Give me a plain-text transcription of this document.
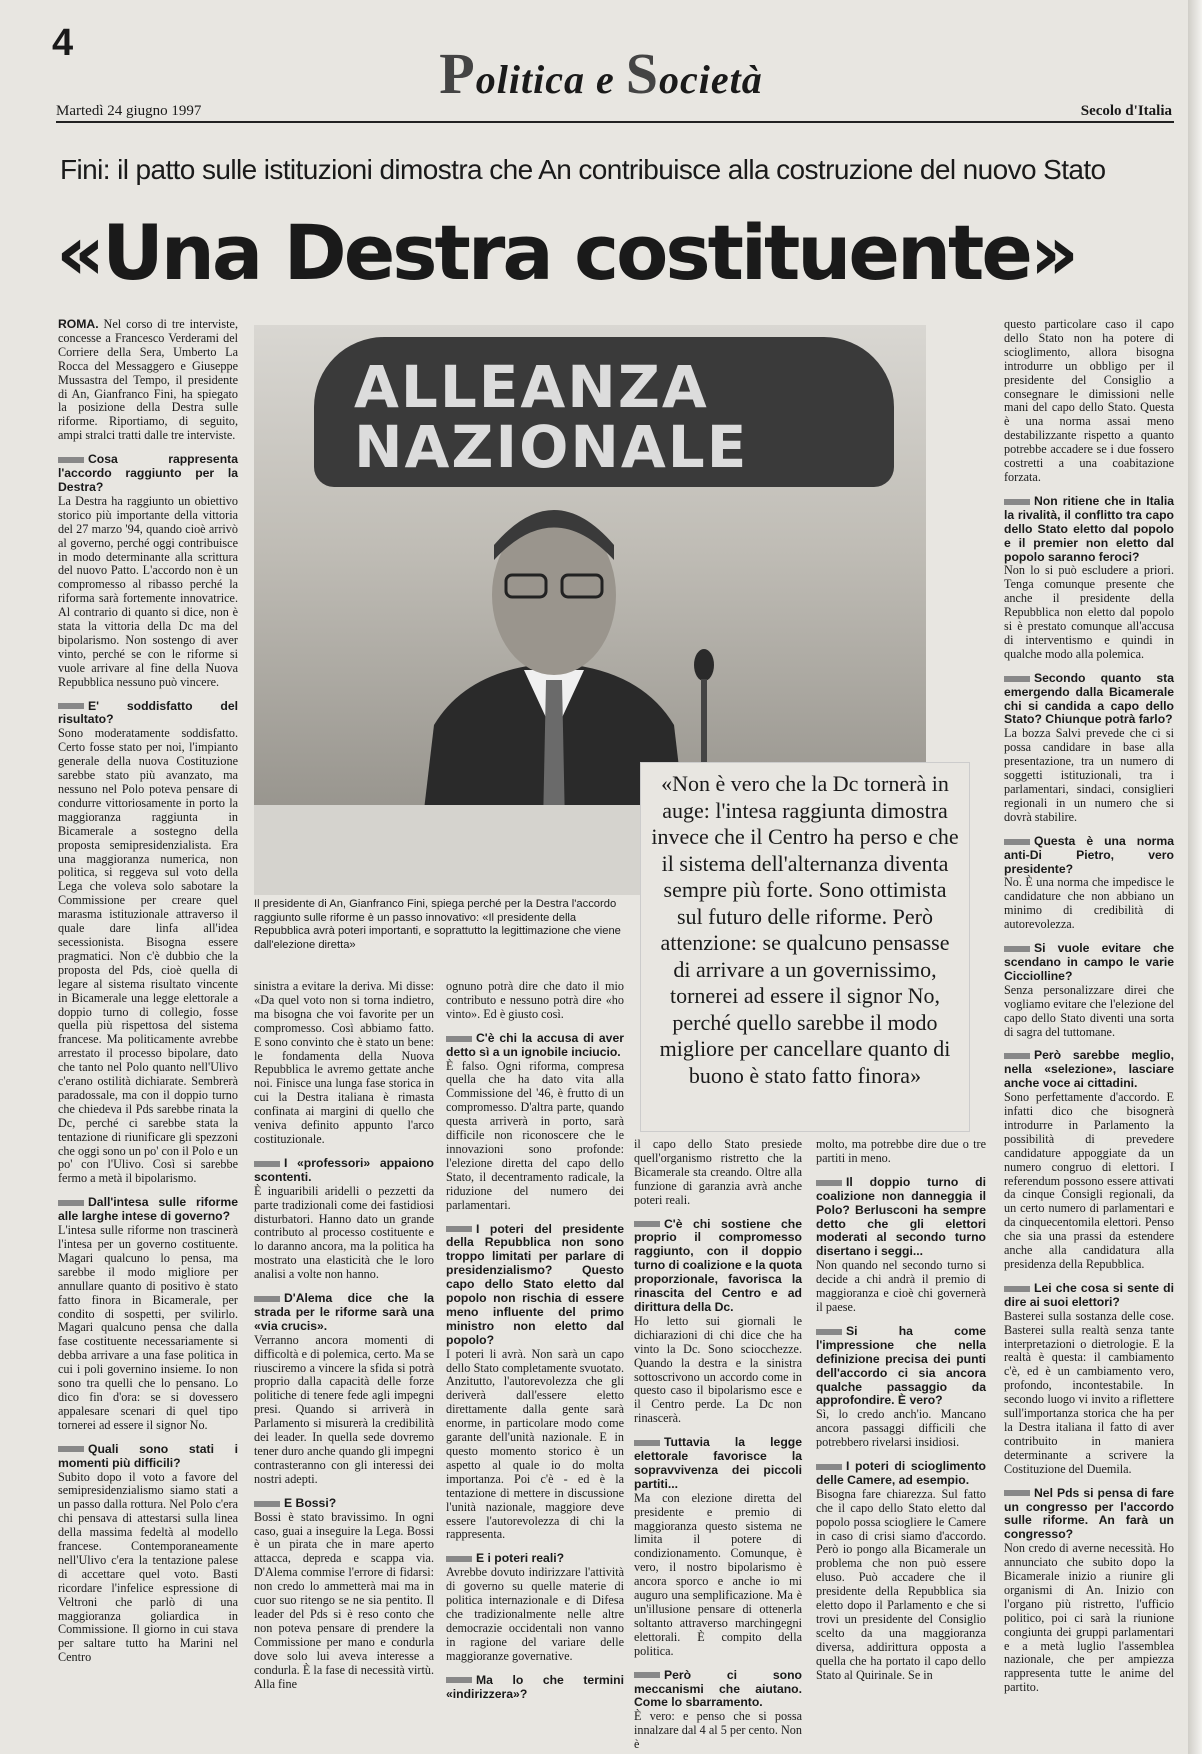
4	Politica e Società
Martedì 24 giugno 1997	Secolo d'Italia
Fini: il patto sulle istituzioni dimostra che An contribuisce alla costruzione del nuovo Stato
«Una Destra costituente»
ROMA. Nel corso di tre interviste, concesse a Francesco Verderami del Corriere della Sera, Umberto La Rocca del Messaggero e Giuseppe Mussastra del Tempo, il presidente di An, Gianfranco Fini, ha spiegato la posizione della Destra sulle riforme. Riportiamo, di seguito, ampi stralci tratti dalle tre interviste.
Cosa rappresenta l'accordo raggiunto per la Destra?
La Destra ha raggiunto un obiettivo storico più importante della vittoria del 27 marzo '94, quando cioè arrivò al governo, perché oggi contribuisce in modo determinante alla scrittura del nuovo Patto. L'accordo non è un compromesso al ribasso perché la riforma sarà fortemente innovatrice. Al contrario di quanto si dice, non è stata la vittoria della Dc ma del bipolarismo. Non sostengo di aver vinto, perché se con le riforme si vuole arrivare al fine della Nuova Repubblica nessuno può vincere.
E' soddisfatto del risultato?
Sono moderatamente soddisfatto. Certo fosse stato per noi, l'impianto generale della nuova Costituzione sarebbe stato più avanzato, ma nessuno nel Polo poteva pensare di condurre vittoriosamente in porto la maggioranza raggiunta in Bicamerale a sostegno della proposta semipresidenzialista. Era una maggioranza numerica, non politica, si reggeva sul voto della Lega che voleva solo sabotare la Commissione per creare quel marasma istituzionale attraverso il quale dare linfa all'idea secessionista. Bisogna essere pragmatici. Non c'è dubbio che la proposta del Pds, cioè quella di legare al sistema risultato vincente in Bicamerale una legge elettorale a doppio turno di collegio, fosse quella più rispettosa del sistema francese. Ma politicamente avrebbe arrestato il processo bipolare, dato che tanto nel Polo quanto nell'Ulivo c'erano ostilità dichiarate. Sembrerà paradossale, ma con il doppio turno che chiedeva il Pds sarebbe rinata la Dc, perché ci sarebbe stata la tentazione di riunificare gli spezzoni che oggi sono un po' con il Polo e un po' con l'Ulivo. Così si sarebbe fermo a metà il bipolarismo.
Dall'intesa sulle riforme alle larghe intese di governo?
L'intesa sulle riforme non trascinerà l'intesa per un governo costituente. Magari qualcuno lo pensa, ma sarebbe il modo migliore per annullare quanto di positivo è stato fatto finora in Bicamerale, per condito di sospetti, per svilirlo. Magari qualcuno pensa che dalla fase costituente necessariamente si debba arrivare a una fase politica in cui i poli governino insieme. Io non sono tra quelli che lo pensano. Lo dico fin d'ora: se si dovessero appalesare scenari di quel tipo tornerei ad essere il signor No.
Quali sono stati i momenti più difficili?
Subito dopo il voto a favore del semipresidenzialismo siamo stati a un passo dalla rottura. Nel Polo c'era chi pensava di attestarsi sulla linea della massima fedeltà al modello francese. Contemporaneamente nell'Ulivo c'era la tentazione palese di accettare quel voto. Basti ricordare l'infelice espressione di Veltroni che parlò di una maggioranza goliardica in Commissione. Il giorno in cui stava per saltare tutto ha Marini nel Centro
ALLEANZA NAZIONALE
Il presidente di An, Gianfranco Fini, spiega perché per la Destra l'accordo raggiunto sulle riforme è un passo innovativo: «Il presidente della Repubblica avrà poteri importanti, e soprattutto la legittimazione che viene dall'elezione diretta»
sinistra a evitare la deriva. Mi disse: «Da quel voto non si torna indietro, ma bisogna che voi favorite per un compromesso. Così abbiamo fatto. E sono convinto che è stato un bene: le fondamenta della Nuova Repubblica le avremo gettate anche noi. Finisce una lunga fase storica in cui la Destra italiana è rimasta confinata ai margini di quello che veniva definito appunto l'arco costituzionale.
I «professori» appaiono scontenti.
È inguaribili aridelli o pezzetti da parte tradizionali come dei fastidiosi disturbatori. Hanno dato un grande contributo al processo costituente e lo daranno ancora, ma la politica ha mostrato una elasticità che le loro analisi a volte non hanno.
D'Alema dice che la strada per le riforme sarà una «via crucis».
Verranno ancora momenti di difficoltà e di polemica, certo. Ma se riusciremo a vincere la sfida si potrà proprio dalla capacità delle forze politiche di tenere fede agli impegni presi. Quando si arriverà in Parlamento si misurerà la credibilità dei leader. In quella sede dovremo tener duro anche quando gli impegni contrasteranno con gli interessi dei nostri adepti.
E Bossi?
Bossi è stato bravissimo. In ogni caso, guai a inseguire la Lega. Bossi è un pirata che in mare aperto attacca, depreda e scappa via. D'Alema commise l'errore di fidarsi: non credo lo ammetterà mai ma in cuor suo ritengo se ne sia pentito. Il leader del Pds si è reso conto che non poteva pensare di prendere la Commissione per mano e condurla dove solo lui aveva interesse a condurla. È la fase di necessità virtù. Alla fine
ognuno potrà dire che dato il mio contributo e nessuno potrà dire «ho vinto». Ed è giusto così.
C'è chi la accusa di aver detto sì a un ignobile inciucio.
È falso. Ogni riforma, compresa quella che ha dato vita alla Commissione del '46, è frutto di un compromesso. D'altra parte, quando questa arriverà in porto, sarà difficile non riconoscere che le innovazioni sono profonde: l'elezione diretta del capo dello Stato, il decentramento radicale, la riduzione del numero dei parlamentari.
I poteri del presidente della Repubblica non sono troppo limitati per parlare di presidenzialismo? Questo capo dello Stato eletto dal popolo non rischia di essere meno influente del primo ministro non eletto dal popolo?
I poteri li avrà. Non sarà un capo dello Stato completamente svuotato. Anzitutto, l'autorevolezza che gli deriverà dall'essere eletto direttamente dalla gente sarà enorme, in particolare modo come garante dell'unità nazionale. E in questo momento storico è un aspetto al quale io do molta importanza. Poi c'è - ed è la tentazione di mettere in discussione l'unità nazionale, maggiore deve essere l'autorevolezza di chi la rappresenta.
E i poteri reali?
Avrebbe dovuto indirizzare l'attività di governo su quelle materie di politica internazionale e di Difesa che tradizionalmente nelle altre democrazie occidentali non vanno in ragione del variare delle maggioranze governative.
Ma lo che termini «indirizzera»?
«Non è vero che la Dc tornerà in auge: l'intesa raggiunta dimostra invece che il Centro ha perso e che il sistema dell'alternanza diventa sempre più forte. Sono ottimista sul futuro delle riforme. Però attenzione: se qualcuno pensasse di arrivare a un governissimo, tornerei ad essere il signor No, perché quello sarebbe il modo migliore per cancellare quanto di buono è stato fatto finora»
il capo dello Stato presiede quell'organismo ristretto che la Bicamerale sta creando. Oltre alla funzione di garanzia avrà anche poteri reali.
C'è chi sostiene che proprio il compromesso raggiunto, con il doppio turno di coalizione e la quota proporzionale, favorisca la rinascita del Centro e ad dirittura della Dc.
Ho letto sui giornali le dichiarazioni di chi dice che ha vinto la Dc. Sono sciocchezze. Quando la destra e la sinistra sottoscrivono un accordo come in questo caso il bipolarismo esce e il Centro perde. La Dc non rinascerà.
Tuttavia la legge elettorale favorisce la sopravvivenza dei piccoli partiti...
Ma con elezione diretta del presidente e premio di maggioranza questo sistema ne limita il potere di condizionamento. Comunque, è vero, il nostro bipolarismo è ancora sporco e anche io mi auguro una semplificazione. Ma è un'illusione pensare di ottenerla soltanto attraverso marchingegni elettorali. È compito della politica.
Però ci sono meccanismi che aiutano. Come lo sbarramento.
È vero: e penso che si possa innalzare dal 4 al 5 per cento. Non è
molto, ma potrebbe dire due o tre partiti in meno.
Il doppio turno di coalizione non danneggia il Polo? Berlusconi ha sempre detto che gli elettori moderati al secondo turno disertano i seggi...
Non quando nel secondo turno si decide a chi andrà il premio di maggioranza e cioè chi governerà il paese.
Si ha come l'impressione che nella definizione precisa dei punti dell'accordo ci sia ancora qualche passaggio da approfondire. È vero?
Sì, lo credo anch'io. Mancano ancora passaggi difficili che potrebbero rivelarsi insidiosi.
I poteri di scioglimento delle Camere, ad esempio.
Bisogna fare chiarezza. Sul fatto che il capo dello Stato eletto dal popolo possa sciogliere le Camere in caso di crisi siamo d'accordo. Però io pongo alla Bicamerale un problema che non può essere eluso. Può accadere che il presidente della Repubblica sia eletto dopo il Parlamento e che si trovi un presidente del Consiglio scelto da una maggioranza diversa, addirittura opposta a quella che ha portato il capo dello Stato al Quirinale. Se in
questo particolare caso il capo dello Stato non ha potere di scioglimento, allora bisogna introdurre un obbligo per il presidente del Consiglio a consegnare le dimissioni nelle mani del capo dello Stato. Questa è una norma assai meno destabilizzante rispetto a quanto potrebbe accadere se i due fossero costretti a una coabitazione forzata.
Non ritiene che in Italia la rivalità, il conflitto tra capo dello Stato eletto dal popolo e il premier non eletto dal popolo saranno feroci?
Non lo si può escludere a priori. Tenga comunque presente che anche il presidente della Repubblica non eletto dal popolo si è prestato comunque all'accusa di interventismo e quindi in qualche modo alla polemica.
Secondo quanto sta emergendo dalla Bicamerale chi si candida a capo dello Stato? Chiunque potrà farlo?
La bozza Salvi prevede che ci si possa candidare in base alla presentazione, tra un numero di soggetti istituzionali, tra i parlamentari, sindaci, consiglieri regionali in un numero che si dovrà stabilire.
Questa è una norma anti-Di Pietro, vero presidente?
No. È una norma che impedisce le candidature che non abbiano un minimo di credibilità di autorevolezza.
Si vuole evitare che scendano in campo le varie Cicciolline?
Senza personalizzare direi che vogliamo evitare che l'elezione del capo dello Stato diventi una sorta di sagra del tuttomane.
Però sarebbe meglio, nella «selezione», lasciare anche voce ai cittadini.
Sono perfettamente d'accordo. E infatti dico che bisognerà introdurre in Parlamento la possibilità di prevedere candidature appoggiate da un numero congruo di elettori. I referendum possono essere attivati da cinque Consigli regionali, da un certo numero di parlamentari e da cinquecentomila elettori. Penso che sia una prassi da estendere anche alla candidatura alla presidenza della Repubblica.
Lei che cosa si sente di dire ai suoi elettori?
Basterei sulla sostanza delle cose. Basterei sulla realtà senza tante interpretazioni o dietrologie. E la realtà è questa: il cambiamento c'è, ed è un cambiamento vero, profondo, incontestabile. In secondo luogo vi invito a riflettere sull'importanza storica che ha per la Destra italiana il fatto di aver contribuito in maniera determinante a scrivere la Costituzione del Duemila.
Nel Pds si pensa di fare un congresso per l'accordo sulle riforme. An farà un congresso?
Non credo di averne necessità. Ho annunciato che subito dopo la Bicamerale inizio a riunire gli organismi di An. Inizio con l'organo più ristretto, l'ufficio politico, poi ci sarà la riunione congiunta dei gruppi parlamentari e a metà luglio l'assemblea nazionale, che per ampiezza rappresenta tutte le anime del partito.
